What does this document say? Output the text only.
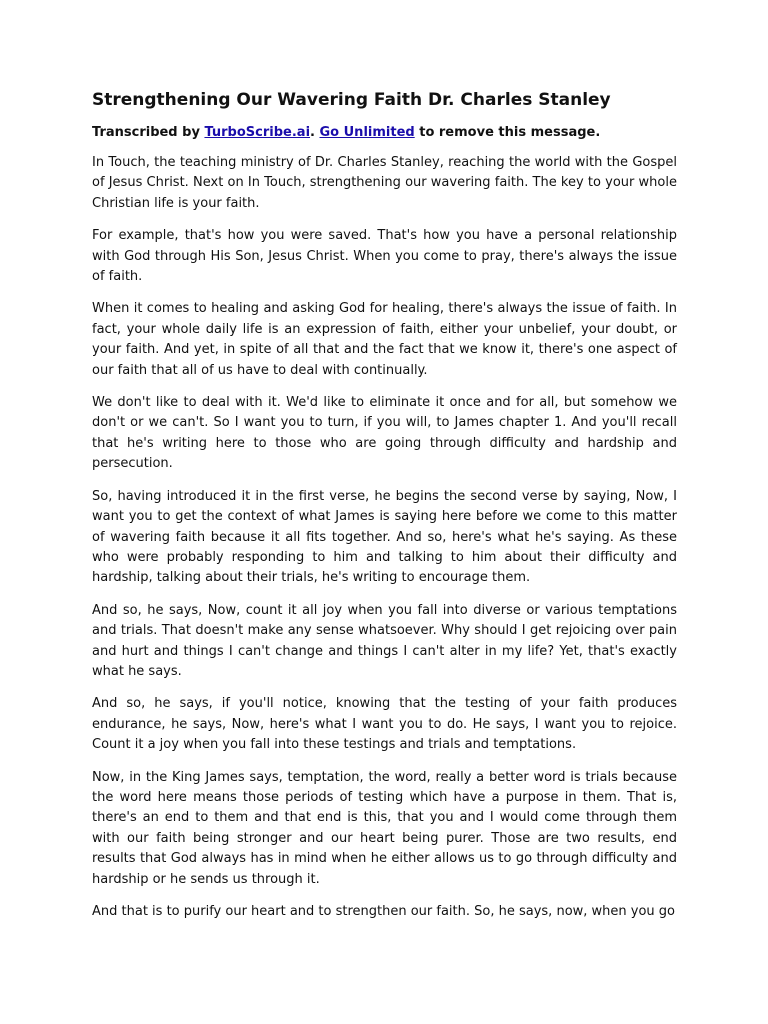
Strengthening Our Wavering Faith Dr. Charles Stanley

Transcribed by TurboScribe.ai. Go Unlimited to remove this message.

In Touch, the teaching ministry of Dr. Charles Stanley, reaching the world with the Gospel of Jesus Christ. Next on In Touch, strengthening our wavering faith. The key to your whole Christian life is your faith.

For example, that's how you were saved. That's how you have a personal relationship with God through His Son, Jesus Christ. When you come to pray, there's always the issue of faith.

When it comes to healing and asking God for healing, there's always the issue of faith. In fact, your whole daily life is an expression of faith, either your unbelief, your doubt, or your faith. And yet, in spite of all that and the fact that we know it, there's one aspect of our faith that all of us have to deal with continually.

We don't like to deal with it. We'd like to eliminate it once and for all, but somehow we don't or we can't. So I want you to turn, if you will, to James chapter 1. And you'll recall that he's writing here to those who are going through difficulty and hardship and persecution.

So, having introduced it in the first verse, he begins the second verse by saying, Now, I want you to get the context of what James is saying here before we come to this matter of wavering faith because it all fits together. And so, here's what he's saying. As these who were probably responding to him and talking to him about their difficulty and hardship, talking about their trials, he's writing to encourage them.

And so, he says, Now, count it all joy when you fall into diverse or various temptations and trials. That doesn't make any sense whatsoever. Why should I get rejoicing over pain and hurt and things I can't change and things I can't alter in my life? Yet, that's exactly what he says.

And so, he says, if you'll notice, knowing that the testing of your faith produces endurance, he says, Now, here's what I want you to do. He says, I want you to rejoice. Count it a joy when you fall into these testings and trials and temptations.

Now, in the King James says, temptation, the word, really a better word is trials because the word here means those periods of testing which have a purpose in them. That is, there's an end to them and that end is this, that you and I would come through them with our faith being stronger and our heart being purer. Those are two results, end results that God always has in mind when he either allows us to go through difficulty and hardship or he sends us through it.

And that is to purify our heart and to strengthen our faith. So, he says, now, when you go
